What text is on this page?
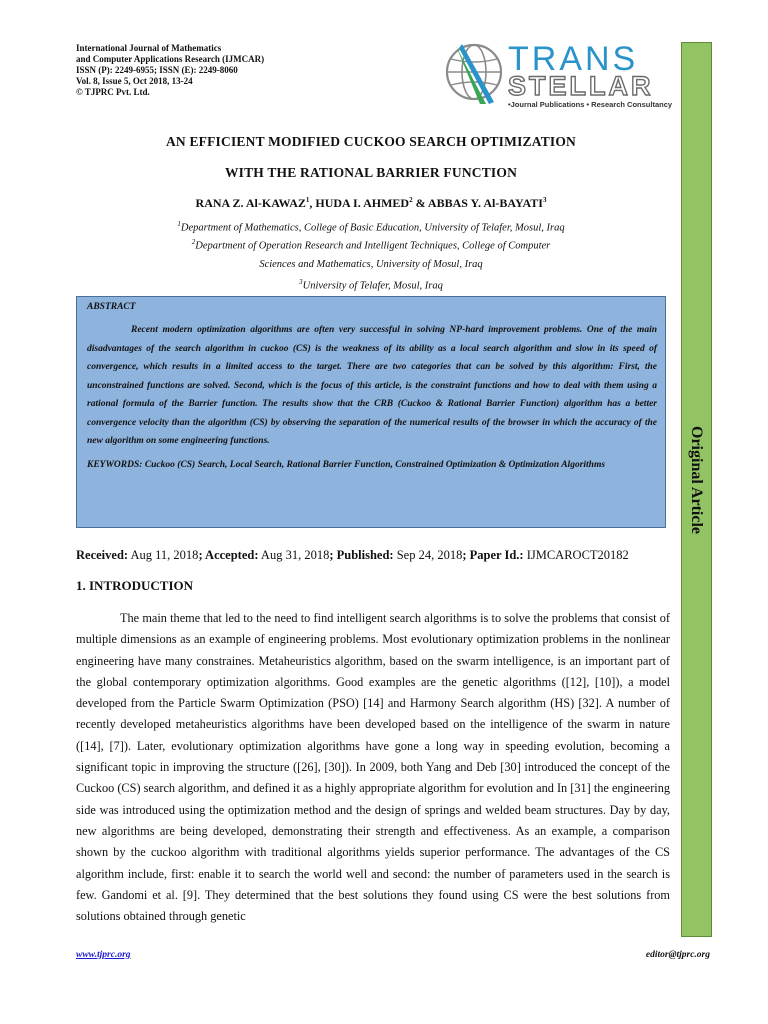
International Journal of Mathematics
and Computer Applications Research (IJMCAR)
ISSN (P): 2249-6955; ISSN (E): 2249-8060
Vol. 8, Issue 5, Oct 2018, 13-24
© TJPRC Pvt. Ltd.
TRANS
STELLAR
•Journal Publications • Research Consultancy
Original Article
AN EFFICIENT MODIFIED CUCKOO SEARCH OPTIMIZATION
WITH THE RATIONAL BARRIER FUNCTION
RANA Z. Al-KAWAZ$^1$, HUDA I. AHMED$^2$ & ABBAS Y. Al-BAYATI$^3$
$^1$Department of Mathematics, College of Basic Education, University of Telafer, Mosul, Iraq
$^2$Department of Operation Research and Intelligent Techniques, College of Computer
Sciences and Mathematics, University of Mosul, Iraq
$^3$University of Telafer, Mosul, Iraq
ABSTRACT
Recent modern optimization algorithms are often very successful in solving NP-hard improvement problems. One of the main disadvantages of the search algorithm in cuckoo (CS) is the weakness of its ability as a local search algorithm and slow in its speed of convergence, which results in a limited access to the target. There are two categories that can be solved by this algorithm: First, the unconstrained functions are solved. Second, which is the focus of this article, is the constraint functions and how to deal with them using a rational formula of the Barrier function. The results show that the CRB (Cuckoo & Rational Barrier Function) algorithm has a better convergence velocity than the algorithm (CS) by observing the separation of the numerical results of the browser in which the accuracy of the new algorithm on some engineering functions.
KEYWORDS: Cuckoo (CS) Search, Local Search, Rational Barrier Function, Constrained Optimization & Optimization Algorithms
Received: Aug 11, 2018; Accepted: Aug 31, 2018; Published: Sep 24, 2018; Paper Id.: IJMCAROCT20182
1. INTRODUCTION
The main theme that led to the need to find intelligent search algorithms is to solve the problems that consist of multiple dimensions as an example of engineering problems. Most evolutionary optimization problems in the nonlinear engineering have many constraines. Metaheuristics algorithm, based on the swarm intelligence, is an important part of the global contemporary optimization algorithms. Good examples are the genetic algorithms ([12], [10]), a model developed from the Particle Swarm Optimization (PSO) [14] and Harmony Search algorithm (HS) [32]. A number of recently developed metaheuristics algorithms have been developed based on the intelligence of the swarm in nature ([14], [7]). Later, evolutionary optimization algorithms have gone a long way in speeding evolution, becoming a significant topic in improving the structure ([26], [30]). In 2009, both Yang and Deb [30] introduced the concept of the Cuckoo (CS) search algorithm, and defined it as a highly appropriate algorithm for evolution and In [31] the engineering side was introduced using the optimization method and the design of springs and welded beam structures. Day by day, new algorithms are being developed, demonstrating their strength and effectiveness. As an example, a comparison shown by the cuckoo algorithm with traditional algorithms yields superior performance. The advantages of the CS algorithm include, first: enable it to search the world well and second: the number of parameters used in the search is few. Gandomi et al. [9]. They determined that the best solutions they found using CS were the best solutions from solutions obtained through genetic
www.tjprc.org	editor@tjprc.org
